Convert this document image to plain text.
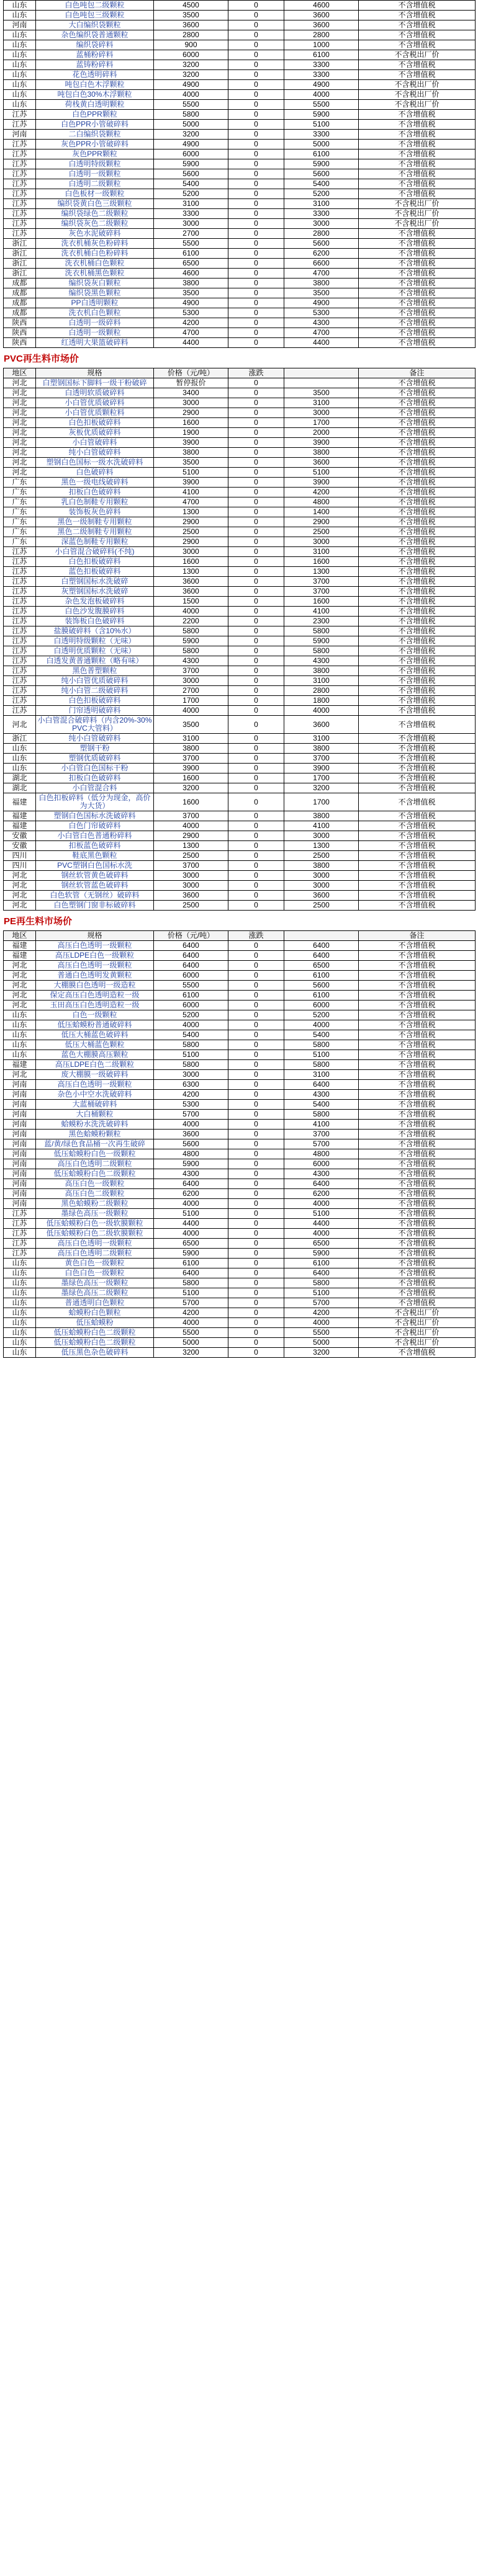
山东	白色吨包二级颗粒	4500	0	4600	不含增值税
山东	白色吨包三级颗粒	3500	0	3600	不含增值税
河南	大白编织袋颗粒	3600	0	3600	不含增值税
山东	杂色编织袋普通颗粒	2800	0	2800	不含增值税
山东	编织袋碎料	900	0	1000	不含增值税
山东	蓝桶粉碎料	6000	0	6100	不含税出厂价
山东	蓝铸粉碎料	3200	0	3300	不含增值税
山东	花色透明碎料	3200	0	3300	不含增值税
山东	吨包白色木浮颗粒	4900	0	4900	不含税出厂价
山东	吨包白色30%木浮颗粒	4000	0	4000	不含税出厂价
山东	荷栈黄白透明颗粒	5500	0	5500	不含税出厂价
江苏	白色PPR颗粒	5800	0	5900	不含增值税
江苏	白色PPR小管破碎料	5000	0	5100	不含增值税
河南	二白编织袋颗粒	3200	0	3300	不含增值税
江苏	灰色PPR小管破碎料	4900	0	5000	不含增值税
江苏	灰色PPR颗粒	6000	0	6100	不含增值税
江苏	白透明特级颗粒	5900	0	5900	不含增值税
江苏	白透明一级颗粒	5600	0	5600	不含增值税
江苏	白透明二级颗粒	5400	0	5400	不含增值税
江苏	白色板材一级颗粒	5200	0	5200	不含增值税
江苏	编织袋黄白色三级颗粒	3100	0	3100	不含税出厂价
江苏	编织袋绿色二级颗粒	3300	0	3300	不含税出厂价
江苏	编织袋灰色二级颗粒	3000	0	3000	不含税出厂价
江苏	灰色水泥破碎料	2700	0	2800	不含增值税
浙江	洗衣机桶灰色粉碎料	5500	0	5600	不含增值税
浙江	洗衣机桶白色粉碎料	6100	0	6200	不含增值税
浙江	洗衣机桶白色颗粒	6500	0	6600	不含增值税
浙江	洗衣机桶黑色颗粒	4600	0	4700	不含增值税
成都	编织袋灰白颗粒	3800	0	3800	不含增值税
成都	编织袋黑色颗粒	3500	0	3500	不含增值税
成都	PP白透明颗粒	4900	0	4900	不含增值税
成都	洗衣机白色颗粒	5300	0	5300	不含增值税
陕西	白透明一级碎料	4200	0	4300	不含增值税
陕西	白透明一级颗粒	4700	0	4700	不含增值税
陕西	红透明大果篮破碎料	4400	0	4400	不含增值税
PVC再生料市场价
地区	规格	价格（元/吨）	涨跌		备注
河北	白塑钢国标下脚料一级干粉破碎	暂停报价	0		不含增值税
河北	白透明软质破碎料	3400	0	3500	不含增值税
河北	小白管优质破碎料	3000	0	3100	不含增值税
河北	小白管优质颗粒料	2900	0	3000	不含增值税
河北	白色扣板破碎料	1600	0	1700	不含增值税
河北	灰板优质破碎料	1900	0	2000	不含增值税
河北	小白管破碎料	3900	0	3900	不含增值税
河北	纯小白管破碎料	3800	0	3800	不含增值税
河北	塑钢白色国标一级水洗破碎料	3500	0	3600	不含增值税
河北	白色破碎料	5100	0	5100	不含增值税
广东	黑色一级电线破碎料	3900	0	3900	不含增值税
广东	扣板白色破碎料	4100	0	4200	不含增值税
广东	乳白色制鞋专用颗粒	4700	0	4800	不含增值税
广东	装饰板灰色碎料	1300	0	1400	不含增值税
广东	黑色一级制鞋专用颗粒	2900	0	2900	不含增值税
广东	黑色二级制鞋专用颗粒	2500	0	2500	不含增值税
广东	深蓝色制鞋专用颗粒	2900	0	3000	不含增值税
江苏	小白管混合破碎料(不纯)	3000	0	3100	不含增值税
江苏	白色扣板破碎料	1600	0	1600	不含增值税
江苏	蓝色扣板破碎料	1300	0	1300	不含增值税
江苏	白塑钢国标水洗破碎	3600	0	3700	不含增值税
江苏	灰塑钢国标水洗破碎	3600	0	3700	不含增值税
江苏	杂色发泡板破碎料	1500	0	1600	不含增值税
江苏	白色沙发腹膜碎料	4000	0	4100	不含增值税
江苏	装饰板白色破碎料	2200	0	2300	不含增值税
江苏	盐膜破碎料（含10%水）	5800	0	5800	不含增值税
江苏	白透明特级颗粒（无味）	5900	0	5900	不含增值税
江苏	白透明优质颗粒（无味）	5800	0	5800	不含增值税
江苏	白透发黄普通颗粒（略有味）	4300	0	4300	不含增值税
江苏	黑色普塑颗粒	3700	0	3800	不含增值税
江苏	纯小白管优质破碎料	3000	0	3100	不含增值税
江苏	纯小白管二级破碎料	2700	0	2800	不含增值税
江苏	白色扣板破碎料	1700	0	1800	不含增值税
江苏	门帘透明破碎料	4000	0	4000	不含增值税
河北	小白管混合破碎料（内含20%-30%PVC大管料）	3500	0	3600	不含增值税
浙江	纯小白管破碎料	3100	0	3100	不含增值税
山东	塑钢干粉	3800	0	3800	不含增值税
山东	塑钢优质破碎料	3700	0	3700	不含增值税
山东	小白管白色国标干粉	3900	0	3900	不含增值税
湖北	扣板白色破碎料	1600	0	1700	不含增值税
湖北	小白管混合料	3200	0	3200	不含增值税
福建	白色扣板碎料（低分为现金，高价为大货）	1600	0	1700	不含增值税
福建	塑钢白色国标水洗破碎料	3700	0	3800	不含增值税
福建	白色门帘破碎料	4000	0	4100	不含增值税
安徽	小白管白色普通粉碎料	2900	0	3000	不含增值税
安徽	扣板蓝色破碎料	1300	0	1300	不含增值税
四川	鞋底黑色颗粒	2500	0	2500	不含增值税
四川	PVC塑钢白色国标水洗	3700	0	3800	不含增值税
河北	钢丝软管黄色破碎料	3000	0	3000	不含增值税
河北	钢丝软管蓝色破碎料	3000	0	3000	不含增值税
河北	白色软管（无钢丝）破碎料	3600	0	3600	不含增值税
河北	白色塑钢门窗非标破碎料	2500	0	2500	不含增值税
PE再生料市场价
地区	规格	价格（元/吨）	涨跌		备注
福建	高压白色透明一级颗粒	6400	0	6400	不含增值税
福建	高压LDPE白色一级颗粒	6400	0	6400	不含增值税
河北	高压白色透明一级颗粒	6400	0	6500	不含增值税
河北	普通白色透明发黄颗粒	6000	0	6100	不含增值税
河北	大棚膜白色透明一级造粒	5500	0	5600	不含增值税
河北	保定高压白色透明造粒一级	6100	0	6100	不含增值税
河北	玉田高压白色透明造粒一级	6000	0	6000	不含增值税
山东	白色一级颗粒	5200	0	5200	不含增值税
山东	低压蛤蟆粉普通破碎料	4000	0	4000	不含增值税
山东	低压大桶蓝色破碎料	5400	0	5400	不含增值税
山东	低压大桶蓝色颗粒	5800	0	5800	不含增值税
山东	蓝色大棚膜高压颗粒	5100	0	5100	不含增值税
福建	高压LDPE白色二级颗粒	5800	0	5800	不含增值税
河北	废大棚膜一级破碎料	3000	0	3100	不含增值税
河南	高压白色透明一级颗粒	6300	0	6400	不含增值税
河南	杂色小中空水洗破碎料	4200	0	4300	不含增值税
河南	大蓝桶破碎料	5300	0	5400	不含增值税
河南	大白桶颗粒	5700	0	5800	不含增值税
河南	蛤蟆粉水洗洗破碎料	4000	0	4100	不含增值税
河南	黑色蛤蟆粉颗粒	3600	0	3700	不含增值税
河南	蓝/黄/绿色食品桶一次再生破碎	5600	0	5700	不含增值税
河南	低压蛤蟆粉白色一级颗粒	4800	0	4800	不含增值税
河南	高压白色透明二级颗粒	5900	0	6000	不含增值税
河南	低压蛤蟆粉白色二级颗粒	4300	0	4300	不含增值税
河南	高压白色一级颗粒	6400	0	6400	不含增值税
河南	高压白色二级颗粒	6200	0	6200	不含增值税
河南	黑色蛤蟆粉二级颗粒	4000	0	4000	不含增值税
江苏	墨绿色高压一级颗粒	5100	0	5100	不含增值税
江苏	低压蛤蟆粉白色一级软膜颗粒	4400	0	4400	不含增值税
江苏	低压蛤蟆粉白色二级软膜颗粒	4000	0	4000	不含增值税
江苏	高压白色透明一级颗粒	6500	0	6500	不含增值税
江苏	高压白色透明二级颗粒	5900	0	5900	不含增值税
山东	黄色白色一级颗粒	6100	0	6100	不含增值税
山东	白色白色一级颗粒	6400	0	6400	不含增值税
山东	墨绿色高压一级颗粒	5800	0	5800	不含增值税
山东	墨绿色高压二级颗粒	5100	0	5100	不含增值税
山东	普通透明白色颗粒	5700	0	5700	不含增值税
山东	蛤蟆粉白色颗粒	4200	0	4200	不含税出厂价
山东	低压蛤蟆粉	4000	0	4000	不含税出厂价
山东	低压蛤蟆粉白色二级颗粒	5500	0	5500	不含税出厂价
山东	低压蛤蟆粉白色二级颗粒	5000	0	5000	不含税出厂价
山东	低压黑色杂色破碎料	3200	0	3200	不含增值税
